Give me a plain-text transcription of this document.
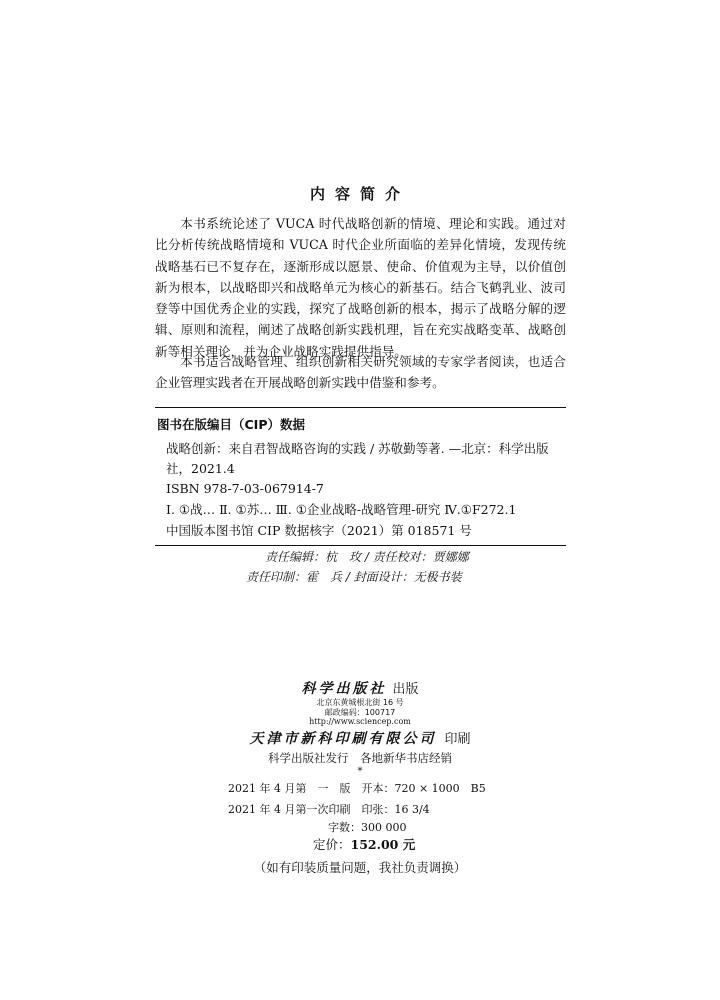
内容简介

本书系统论述了 VUCA 时代战略创新的情境、理论和实践。通过对比分析传统战略情境和 VUCA 时代企业所面临的差异化情境，发现传统战略基石已不复存在，逐渐形成以愿景、使命、价值观为主导，以价值创新为根本，以战略即兴和战略单元为核心的新基石。结合飞鹤乳业、波司登等中国优秀企业的实践，探究了战略创新的根本，揭示了战略分解的逻辑、原则和流程，阐述了战略创新实践机理，旨在充实战略变革、战略创新等相关理论，并为企业战略实践提供指导。

本书适合战略管理、组织创新相关研究领域的专家学者阅读，也适合企业管理实践者在开展战略创新实践中借鉴和参考。

图书在版编目（CIP）数据

战略创新：来自君智战略咨询的实践 / 苏敬勤等著. —北京：科学出版社，2021.4

ISBN 978-7-03-067914-7
Ⅰ. ①战… Ⅱ. ①苏… Ⅲ. ①企业战略-战略管理-研究 Ⅳ.①F272.1
中国版本图书馆 CIP 数据核字（2021）第 018571 号
责任编辑：杭　玫 / 责任校对：贾娜娜
责任印制：霍　兵 / 封面设计：无极书装
科学出版社 出版
北京东黄城根北街 16 号
邮政编码：100717
http://www.sciencep.com
天津市新科印刷有限公司 印刷
科学出版社发行　各地新华书店经销
*
2021 年 4 月第　一　版　开本：720 × 1000　B5
2021 年 4 月第一次印刷　印张：16 3/4
字数：300 000
定价：152.00 元
（如有印装质量问题，我社负责调换）
